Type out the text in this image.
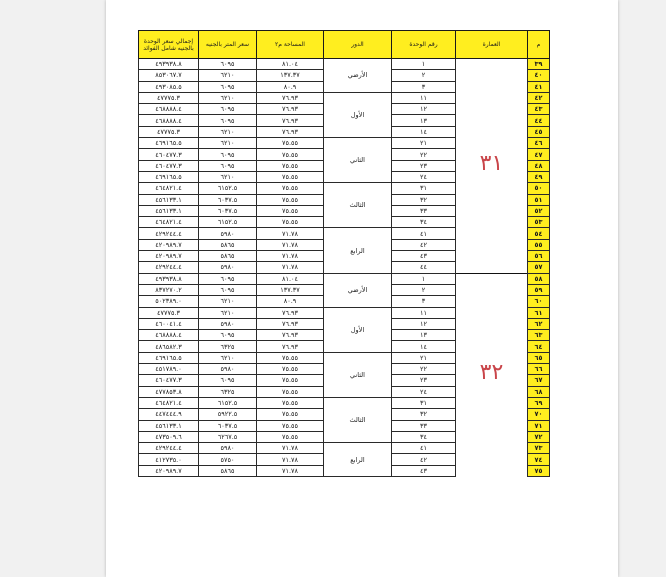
م	العمارة	رقم الوحدة	الدور	المساحة م٢	سعر المتر بالجنيه	إجمالي سعر الوحدة بالجنيه شامل الفوائد
٣٩	٣١	١	الأرضي	٨١.٠٤	٦٠٩٥	٤٩٣٩٣٨.٨
٤٠		٢		١٣٧.٣٧	٦٢١٠	٨٥٣٠٦٧.٧
٤١		٣		٨٠.٩	٦٠٩٥	٤٩٣٠٨٥.٥
٤٢		١١	الأول	٧٦.٩٣	٦٢١٠	٤٧٧٧٥.٣
٤٣		١٢		٧٦.٩٣	٦٠٩٥	٤٦٨٨٨٨.٤
٤٤		١٣		٧٦.٩٣	٦٠٩٥	٤٦٨٨٨٨.٤
٤٥		١٤		٧٦.٩٣	٦٢١٠	٤٧٧٧٥.٣
٤٦		٢١	الثاني	٧٥.٥٥	٦٢١٠	٤٦٩١٦٥.٥
٤٧		٢٢		٧٥.٥٥	٦٠٩٥	٤٦٠٤٧٧.٣
٤٨		٢٣		٧٥.٥٥	٦٠٩٥	٤٦٠٤٧٧.٣
٤٩		٢٤		٧٥.٥٥	٦٢١٠	٤٦٩١٦٥.٥
٥٠		٣١	الثالث	٧٥.٥٥	٦١٥٢.٥	٤٦٤٨٢١.٤
٥١		٣٢		٧٥.٥٥	٦٠٣٧.٥	٤٥٦١٣٣.١
٥٢		٣٣		٧٥.٥٥	٦٠٣٧.٥	٤٥٦١٣٣.١
٥٣		٣٤		٧٥.٥٥	٦١٥٢.٥	٤٦٤٨٢١.٤
٥٤		٤١	الرابع	٧١.٧٨	٥٩٨٠	٤٢٩٢٤٤.٤
٥٥		٤٢		٧١.٧٨	٥٨٦٥	٤٢٠٩٨٩.٧
٥٦		٤٣		٧١.٧٨	٥٨٦٥	٤٢٠٩٨٩.٧
٥٧		٤٤		٧١.٧٨	٥٩٨٠	٤٢٩٢٤٤.٤
٥٨	٣٢	١	الأرضي	٨١.٠٤	٦٠٩٥	٤٩٣٩٣٨.٨
٥٩		٢		١٣٧.٣٧	٦٠٩٥	٨٣٧٢٧٠.٢
٦٠		٣		٨٠.٩	٦٢١٠	٥٠٢٣٨٩.٠
٦١		١١	الأول	٧٦.٩٣	٦٢١٠	٤٧٧٧٥.٣
٦٢		١٢		٧٦.٩٣	٥٩٨٠	٤٦٠٠٤١.٤
٦٣		١٣		٧٦.٩٣	٦٠٩٥	٤٦٨٨٨٨.٤
٦٤		١٤		٧٦.٩٣	٦٣٢٥	٤٨٦٥٨٢.٣
٦٥		٢١	الثاني	٧٥.٥٥	٦٢١٠	٤٦٩١٦٥.٥
٦٦		٢٢		٧٥.٥٥	٥٩٨٠	٤٥١٧٨٩.٠
٦٧		٢٣		٧٥.٥٥	٦٠٩٥	٤٦٠٤٧٧.٣
٦٨		٢٤		٧٥.٥٥	٦٣٢٥	٤٧٧٨٥٣.٨
٦٩		٣١	الثالث	٧٥.٥٥	٦١٥٢.٥	٤٦٤٨٢١.٤
٧٠		٣٢		٧٥.٥٥	٥٩٢٢.٥	٤٤٧٤٤٤.٩
٧١		٣٣		٧٥.٥٥	٦٠٣٧.٥	٤٥٦١٣٣.١
٧٢		٣٤		٧٥.٥٥	٦٢٦٧.٥	٤٧٣٥٠٩.٦
٧٣		٤١	الرابع	٧١.٧٨	٥٩٨٠	٤٢٩٢٤٤.٤
٧٤		٤٢		٧١.٧٨	٥٧٥٠	٤١٢٧٣٥.٠
٧٥		٤٣		٧١.٧٨	٥٨٦٥	٤٢٠٩٨٩.٧
